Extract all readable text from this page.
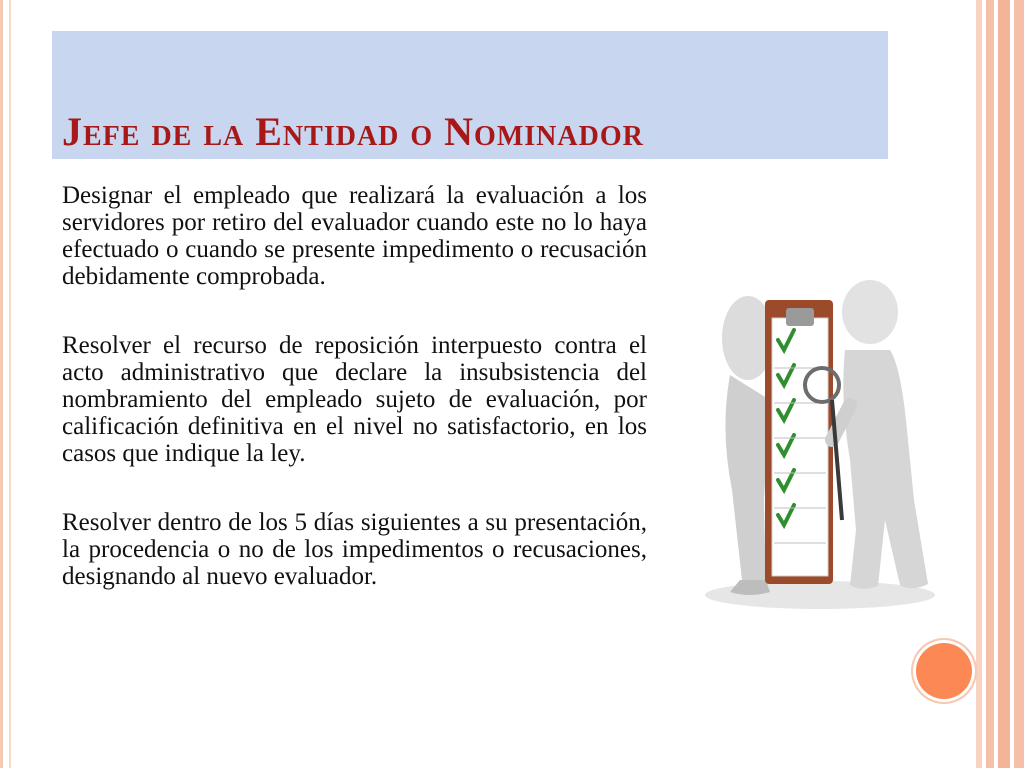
Jefe de la Entidad o Nominador

Designar el empleado que realizará la evaluación a los servidores por retiro del evaluador cuando este no lo haya efectuado o cuando se presente impedimento o recusación debidamente comprobada.

Resolver el recurso de reposición interpuesto contra el acto administrativo que declare la insubsistencia del nombramiento del empleado sujeto de evaluación, por calificación definitiva en el nivel no satisfactorio, en los casos que indique la ley.

Resolver dentro de los 5 días siguientes a su presentación, la procedencia o no de los impedimentos o recusaciones, designando al nuevo evaluador.
